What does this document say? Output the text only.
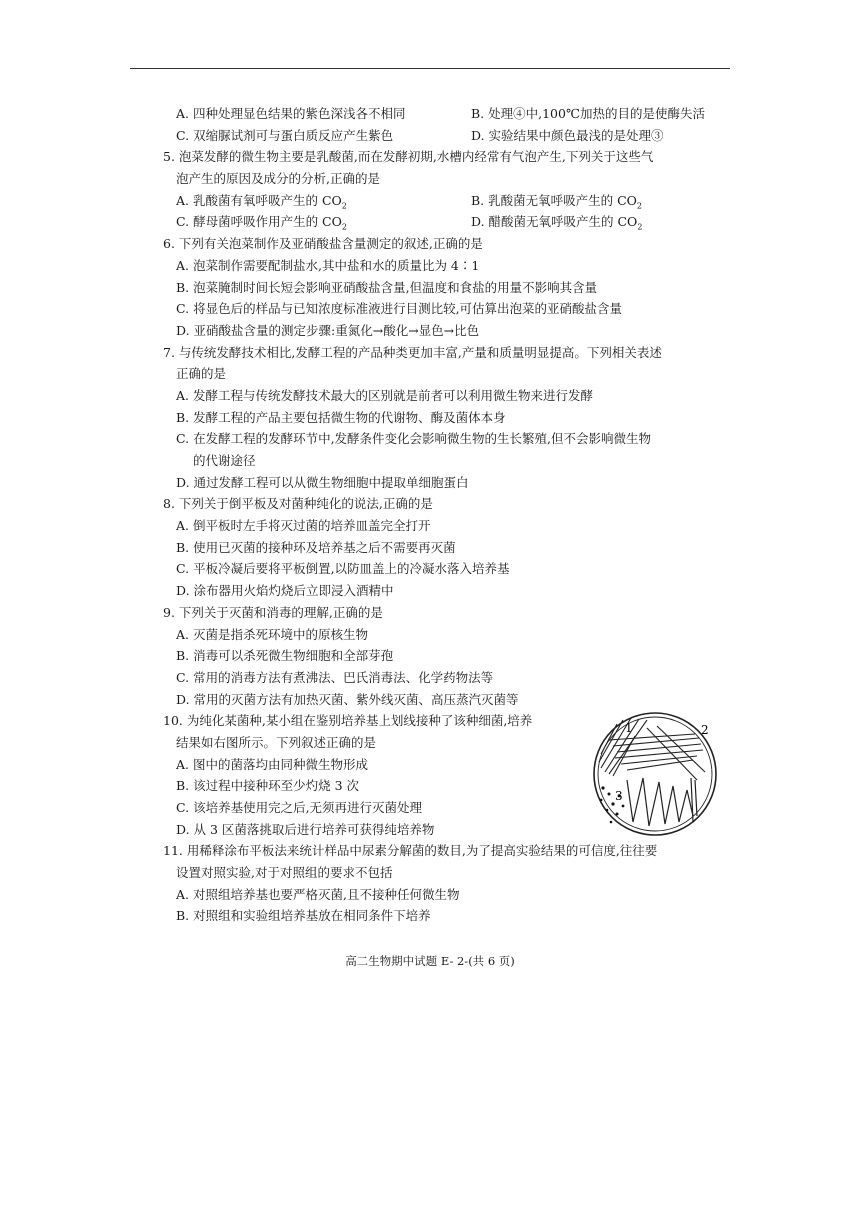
A. 四种处理显色结果的紫色深浅各不相同	B. 处理④中,100℃加热的目的是使酶失活
C. 双缩脲试剂可与蛋白质反应产生紫色	D. 实验结果中颜色最浅的是处理③
5. 泡菜发酵的微生物主要是乳酸菌,而在发酵初期,水槽内经常有气泡产生,下列关于这些气
泡产生的原因及成分的分析,正确的是
A. 乳酸菌有氧呼吸产生的 $CO_2$	B. 乳酸菌无氧呼吸产生的 $CO_2$
C. 酵母菌呼吸作用产生的 $CO_2$	D. 醋酸菌无氧呼吸产生的 $CO_2$
6. 下列有关泡菜制作及亚硝酸盐含量测定的叙述,正确的是
A. 泡菜制作需要配制盐水,其中盐和水的质量比为 4∶1
B. 泡菜腌制时间长短会影响亚硝酸盐含量,但温度和食盐的用量不影响其含量
C. 将显色后的样品与已知浓度标准液进行目测比较,可估算出泡菜的亚硝酸盐含量
D. 亚硝酸盐含量的测定步骤:重氮化→酸化→显色→比色
7. 与传统发酵技术相比,发酵工程的产品种类更加丰富,产量和质量明显提高。下列相关表述
正确的是
A. 发酵工程与传统发酵技术最大的区别就是前者可以利用微生物来进行发酵
B. 发酵工程的产品主要包括微生物的代谢物、酶及菌体本身
C. 在发酵工程的发酵环节中,发酵条件变化会影响微生物的生长繁殖,但不会影响微生物
的代谢途径
D. 通过发酵工程可以从微生物细胞中提取单细胞蛋白
8. 下列关于倒平板及对菌种纯化的说法,正确的是
A. 倒平板时左手将灭过菌的培养皿盖完全打开
B. 使用已灭菌的接种环及培养基之后不需要再灭菌
C. 平板冷凝后要将平板倒置,以防皿盖上的冷凝水落入培养基
D. 涂布器用火焰灼烧后立即浸入酒精中
9. 下列关于灭菌和消毒的理解,正确的是
A. 灭菌是指杀死环境中的原核生物
B. 消毒可以杀死微生物细胞和全部芽孢
C. 常用的消毒方法有煮沸法、巴氏消毒法、化学药物法等
D. 常用的灭菌方法有加热灭菌、紫外线灭菌、高压蒸汽灭菌等
10. 为纯化某菌种,某小组在鉴别培养基上划线接种了该种细菌,培养
结果如右图所示。下列叙述正确的是
A. 图中的菌落均由同种微生物形成
B. 该过程中接种环至少灼烧 3 次
C. 该培养基使用完之后,无须再进行灭菌处理
D. 从 3 区菌落挑取后进行培养可获得纯培养物
1	2
3
11. 用稀释涂布平板法来统计样品中尿素分解菌的数目,为了提高实验结果的可信度,往往要
设置对照实验,对于对照组的要求不包括
A. 对照组培养基也要严格灭菌,且不接种任何微生物
B. 对照组和实验组培养基放在相同条件下培养
高二生物期中试题 E- 2-(共 6 页)
